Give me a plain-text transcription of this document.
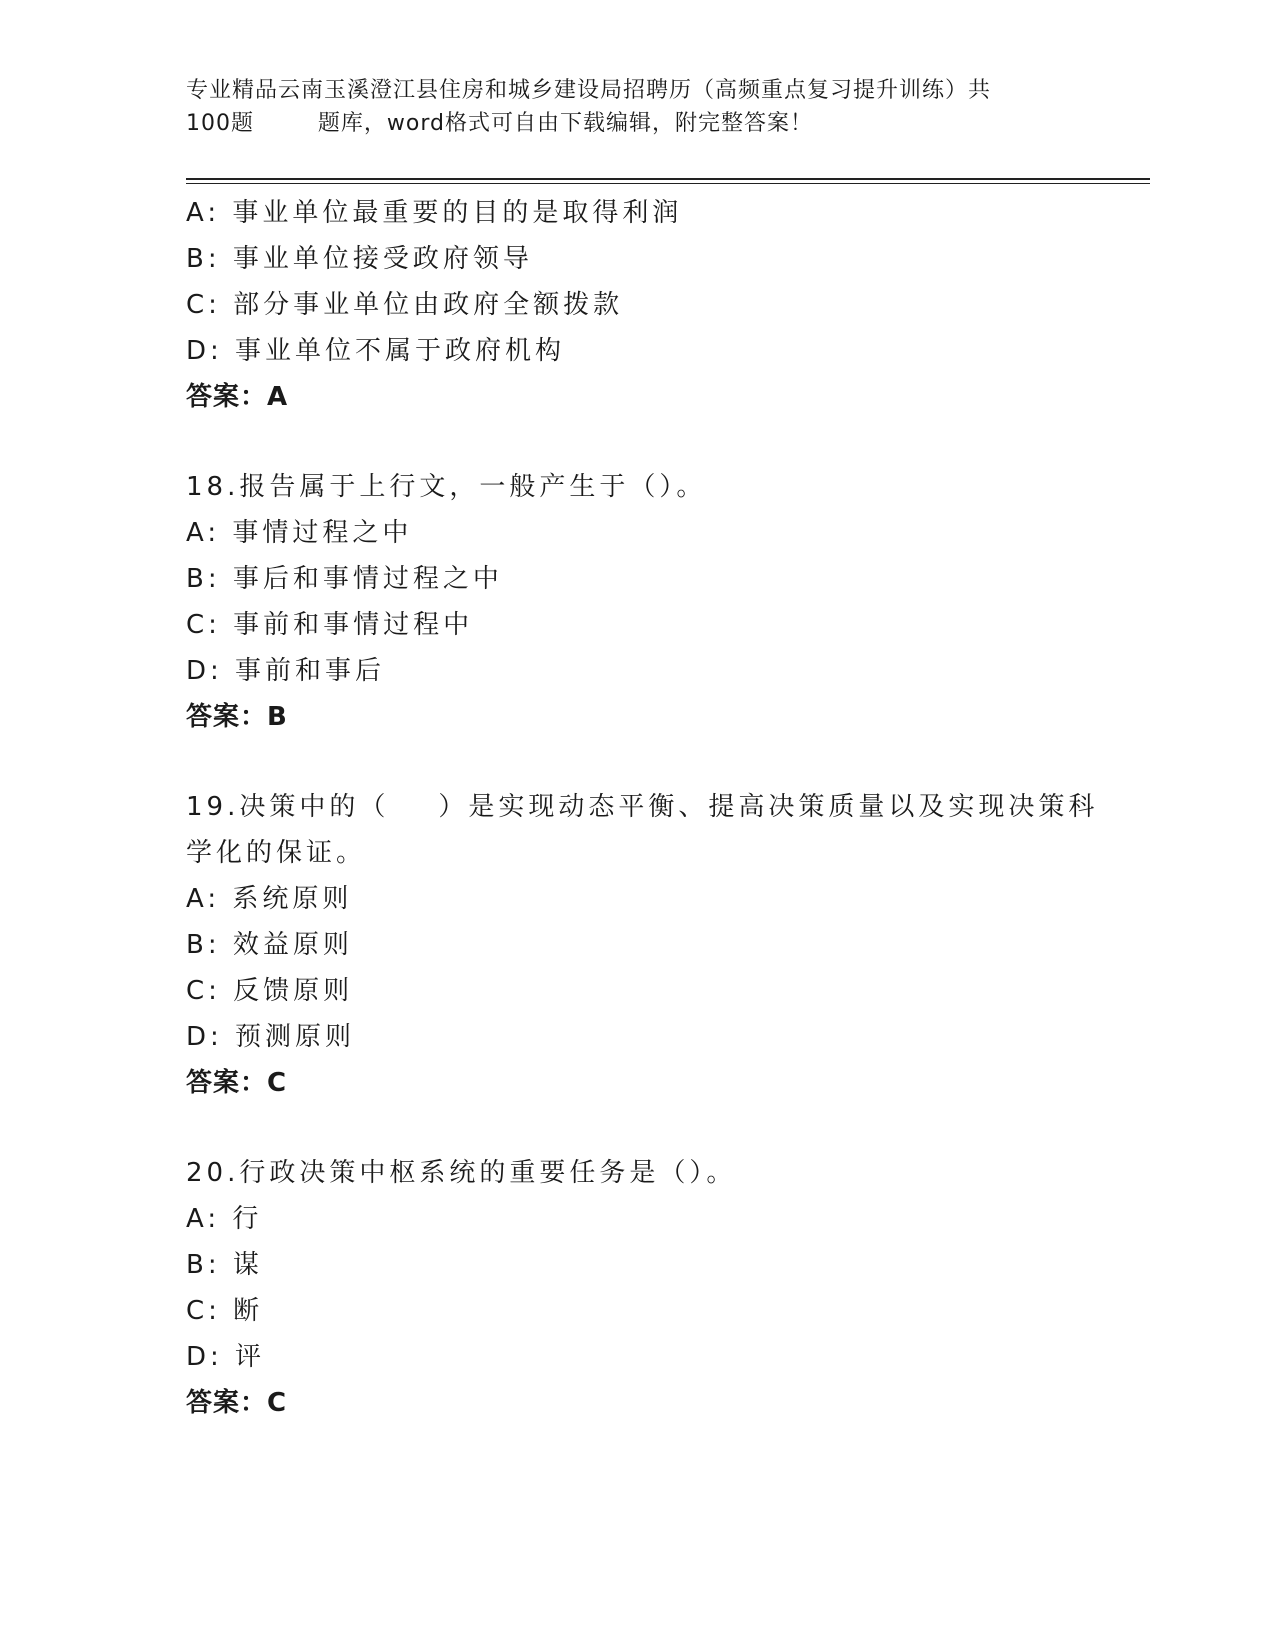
专业精品云南玉溪澄江县住房和城乡建设局招聘历（高频重点复习提升训练）共
100题        题库，word格式可自由下载编辑，附完整答案！
A: 事业单位最重要的目的是取得利润
B: 事业单位接受政府领导
C: 部分事业单位由政府全额拨款
D: 事业单位不属于政府机构
答案：A
18.报告属于上行文，一般产生于（）。
A: 事情过程之中
B: 事后和事情过程之中
C: 事前和事情过程中
D: 事前和事后
答案：B
19.决策中的（    ）是实现动态平衡、提高决策质量以及实现决策科
学化的保证。
A: 系统原则
B: 效益原则
C: 反馈原则
D: 预测原则
答案：C
20.行政决策中枢系统的重要任务是（）。
A: 行
B: 谋
C: 断
D: 评
答案：C
